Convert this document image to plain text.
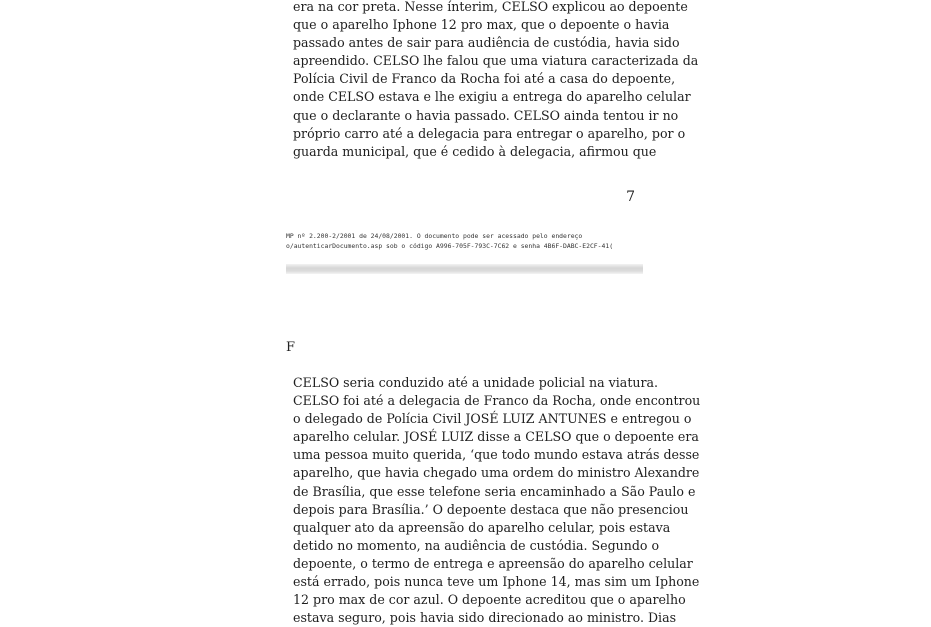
era na cor preta. Nesse ínterim, CELSO explicou ao depoente
que o aparelho Iphone 12 pro max, que o depoente o havia
passado antes de sair para audiência de custódia, havia sido
apreendido. CELSO lhe falou que uma viatura caracterizada da
Polícia Civil de Franco da Rocha foi até a casa do depoente,
onde CELSO estava e lhe exigiu a entrega do aparelho celular
que o declarante o havia passado. CELSO ainda tentou ir no
próprio carro até a delegacia para entregar o aparelho, por o
guarda municipal, que é cedido à delegacia, afirmou que

7

MP nº 2.200-2/2001 de 24/08/2001. O documento pode ser acessado pelo endereço
o/autenticarDocumento.asp sob o código A996-705F-793C-7C62 e senha 4B6F-DABC-E2CF-41(

F

CELSO seria conduzido até a unidade policial na viatura.
CELSO foi até a delegacia de Franco da Rocha, onde encontrou
o delegado de Polícia Civil JOSÉ LUIZ ANTUNES e entregou o
aparelho celular. JOSÉ LUIZ disse a CELSO que o depoente era
uma pessoa muito querida, ‘que todo mundo estava atrás desse
aparelho, que havia chegado uma ordem do ministro Alexandre
de Brasília, que esse telefone seria encaminhado a São Paulo e
depois para Brasília.’ O depoente destaca que não presenciou
qualquer ato da apreensão do aparelho celular, pois estava
detido no momento, na audiência de custódia. Segundo o
depoente, o termo de entrega e apreensão do aparelho celular
está errado, pois nunca teve um Iphone 14, mas sim um Iphone
12 pro max de cor azul. O depoente acreditou que o aparelho
estava seguro, pois havia sido direcionado ao ministro. Dias
